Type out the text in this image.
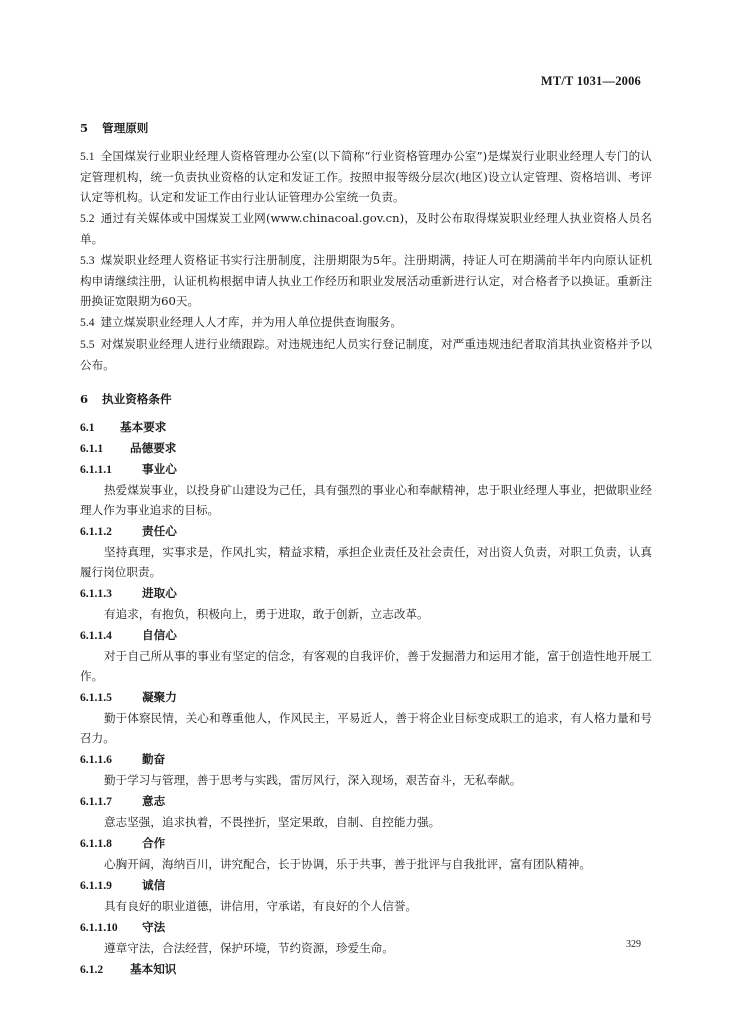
MT/T 1031—2006
5 管理原则
5.1 全国煤炭行业职业经理人资格管理办公室(以下简称“行业资格管理办公室”)是煤炭行业职业经理人专门的认定管理机构，统一负责执业资格的认定和发证工作。按照申报等级分层次(地区)设立认定管理、资格培训、考评认定等机构。认定和发证工作由行业认证管理办公室统一负责。
5.2 通过有关媒体或中国煤炭工业网(www.chinacoal.gov.cn)，及时公布取得煤炭职业经理人执业资格人员名单。
5.3 煤炭职业经理人资格证书实行注册制度，注册期限为5年。注册期满，持证人可在期满前半年内向原认证机构申请继续注册，认证机构根据申请人执业工作经历和职业发展活动重新进行认定，对合格者予以换证。重新注册换证宽限期为60天。
5.4 建立煤炭职业经理人人才库，并为用人单位提供查询服务。
5.5 对煤炭职业经理人进行业绩跟踪。对违规违纪人员实行登记制度，对严重违规违纪者取消其执业资格并予以公布。
6 执业资格条件
6.1 基本要求
6.1.1 品德要求
6.1.1.1	事业心
热爱煤炭事业，以投身矿山建设为己任，具有强烈的事业心和奉献精神，忠于职业经理人事业，把做职业经理人作为事业追求的目标。
6.1.1.2	责任心
坚持真理，实事求是，作风扎实，精益求精，承担企业责任及社会责任，对出资人负责，对职工负责，认真履行岗位职责。
6.1.1.3	进取心
有追求，有抱负，积极向上，勇于进取，敢于创新，立志改革。
6.1.1.4	自信心
对于自己所从事的事业有坚定的信念，有客观的自我评价，善于发掘潜力和运用才能，富于创造性地开展工作。
6.1.1.5	凝聚力
勤于体察民情，关心和尊重他人，作风民主，平易近人，善于将企业目标变成职工的追求，有人格力量和号召力。
6.1.1.6	勤奋
勤于学习与管理，善于思考与实践，雷厉风行，深入现场，艰苦奋斗，无私奉献。
6.1.1.7	意志
意志坚强，追求执着，不畏挫折，坚定果敢，自制、自控能力强。
6.1.1.8	合作
心胸开阔，海纳百川，讲究配合，长于协调，乐于共事，善于批评与自我批评，富有团队精神。
6.1.1.9	诚信
具有良好的职业道德，讲信用，守承诺，有良好的个人信誉。
6.1.1.10 守法
遵章守法，合法经营，保护环境，节约资源，珍爱生命。
6.1.2 基本知识
329
